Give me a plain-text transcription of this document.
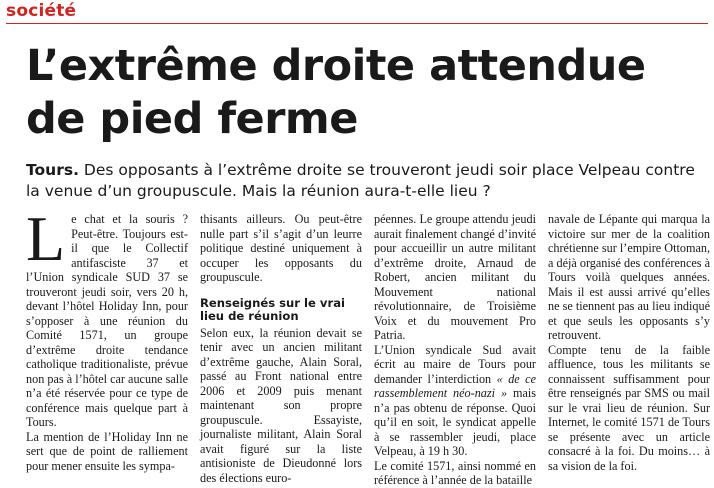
société
L’extrême droite attendue de pied ferme

Tours. Des opposants à l’extrême droite se trouveront jeudi soir place Velpeau contre la venue d’un groupuscule. Mais la réunion aura-t-elle lieu ?

L e chat et la souris ? Peut-être. Toujours est-il que le Collectif antifasciste 37 et l’Union syndicale SUD 37 se trouveront jeudi soir, vers 20 h, devant l’hôtel Holiday Inn, pour s’opposer à une réunion du Comité 1571, un groupe d’extrême droite tendance catholique traditionaliste, prévue non pas à l’hôtel car aucune salle n’a été réservée pour ce type de conférence mais quelque part à Tours.

La mention de l’Holiday Inn ne sert que de point de ralliement pour mener ensuite les sympa-

thisants ailleurs. Ou peut-être nulle part s’il s’agit d’un leurre politique destiné uniquement à occuper les opposants du groupuscule.

Renseignés sur le vrai lieu de réunion

Selon eux, la réunion devait se tenir avec un ancien militant d’extrême gauche, Alain Soral, passé au Front national entre 2006 et 2009 puis menant maintenant son propre groupuscule. Essayiste, journaliste militant, Alain Soral avait figuré sur la liste antisioniste de Dieudonné lors des élections euro-

péennes. Le groupe attendu jeudi aurait finalement changé d’invité pour accueillir un autre militant d’extrême droite, Arnaud de Robert, ancien militant du Mouvement national révolutionnaire, de Troisième Voix et du mouvement Pro Patria.

L’Union syndicale Sud avait écrit au maire de Tours pour demander l’interdiction « de ce rassemblement néo-nazi » mais n’a pas obtenu de réponse. Quoi qu’il en soit, le syndicat appelle à se rassembler jeudi, place Velpeau, à 19 h 30.

Le comité 1571, ainsi nommé en référence à l’année de la bataille

navale de Lépante qui marqua la victoire sur mer de la coalition chrétienne sur l’empire Ottoman, a déjà organisé des conférences à Tours voilà quelques années. Mais il est aussi arrivé qu’elles ne se tiennent pas au lieu indiqué et que seuls les opposants s’y retrouvent.

Compte tenu de la faible affluence, tous les militants se connaissent suffisamment pour être renseignés par SMS ou mail sur le vrai lieu de réunion. Sur Internet, le comité 1571 de Tours se présente avec un article consacré à la foi. Du moins… à sa vision de la foi.
